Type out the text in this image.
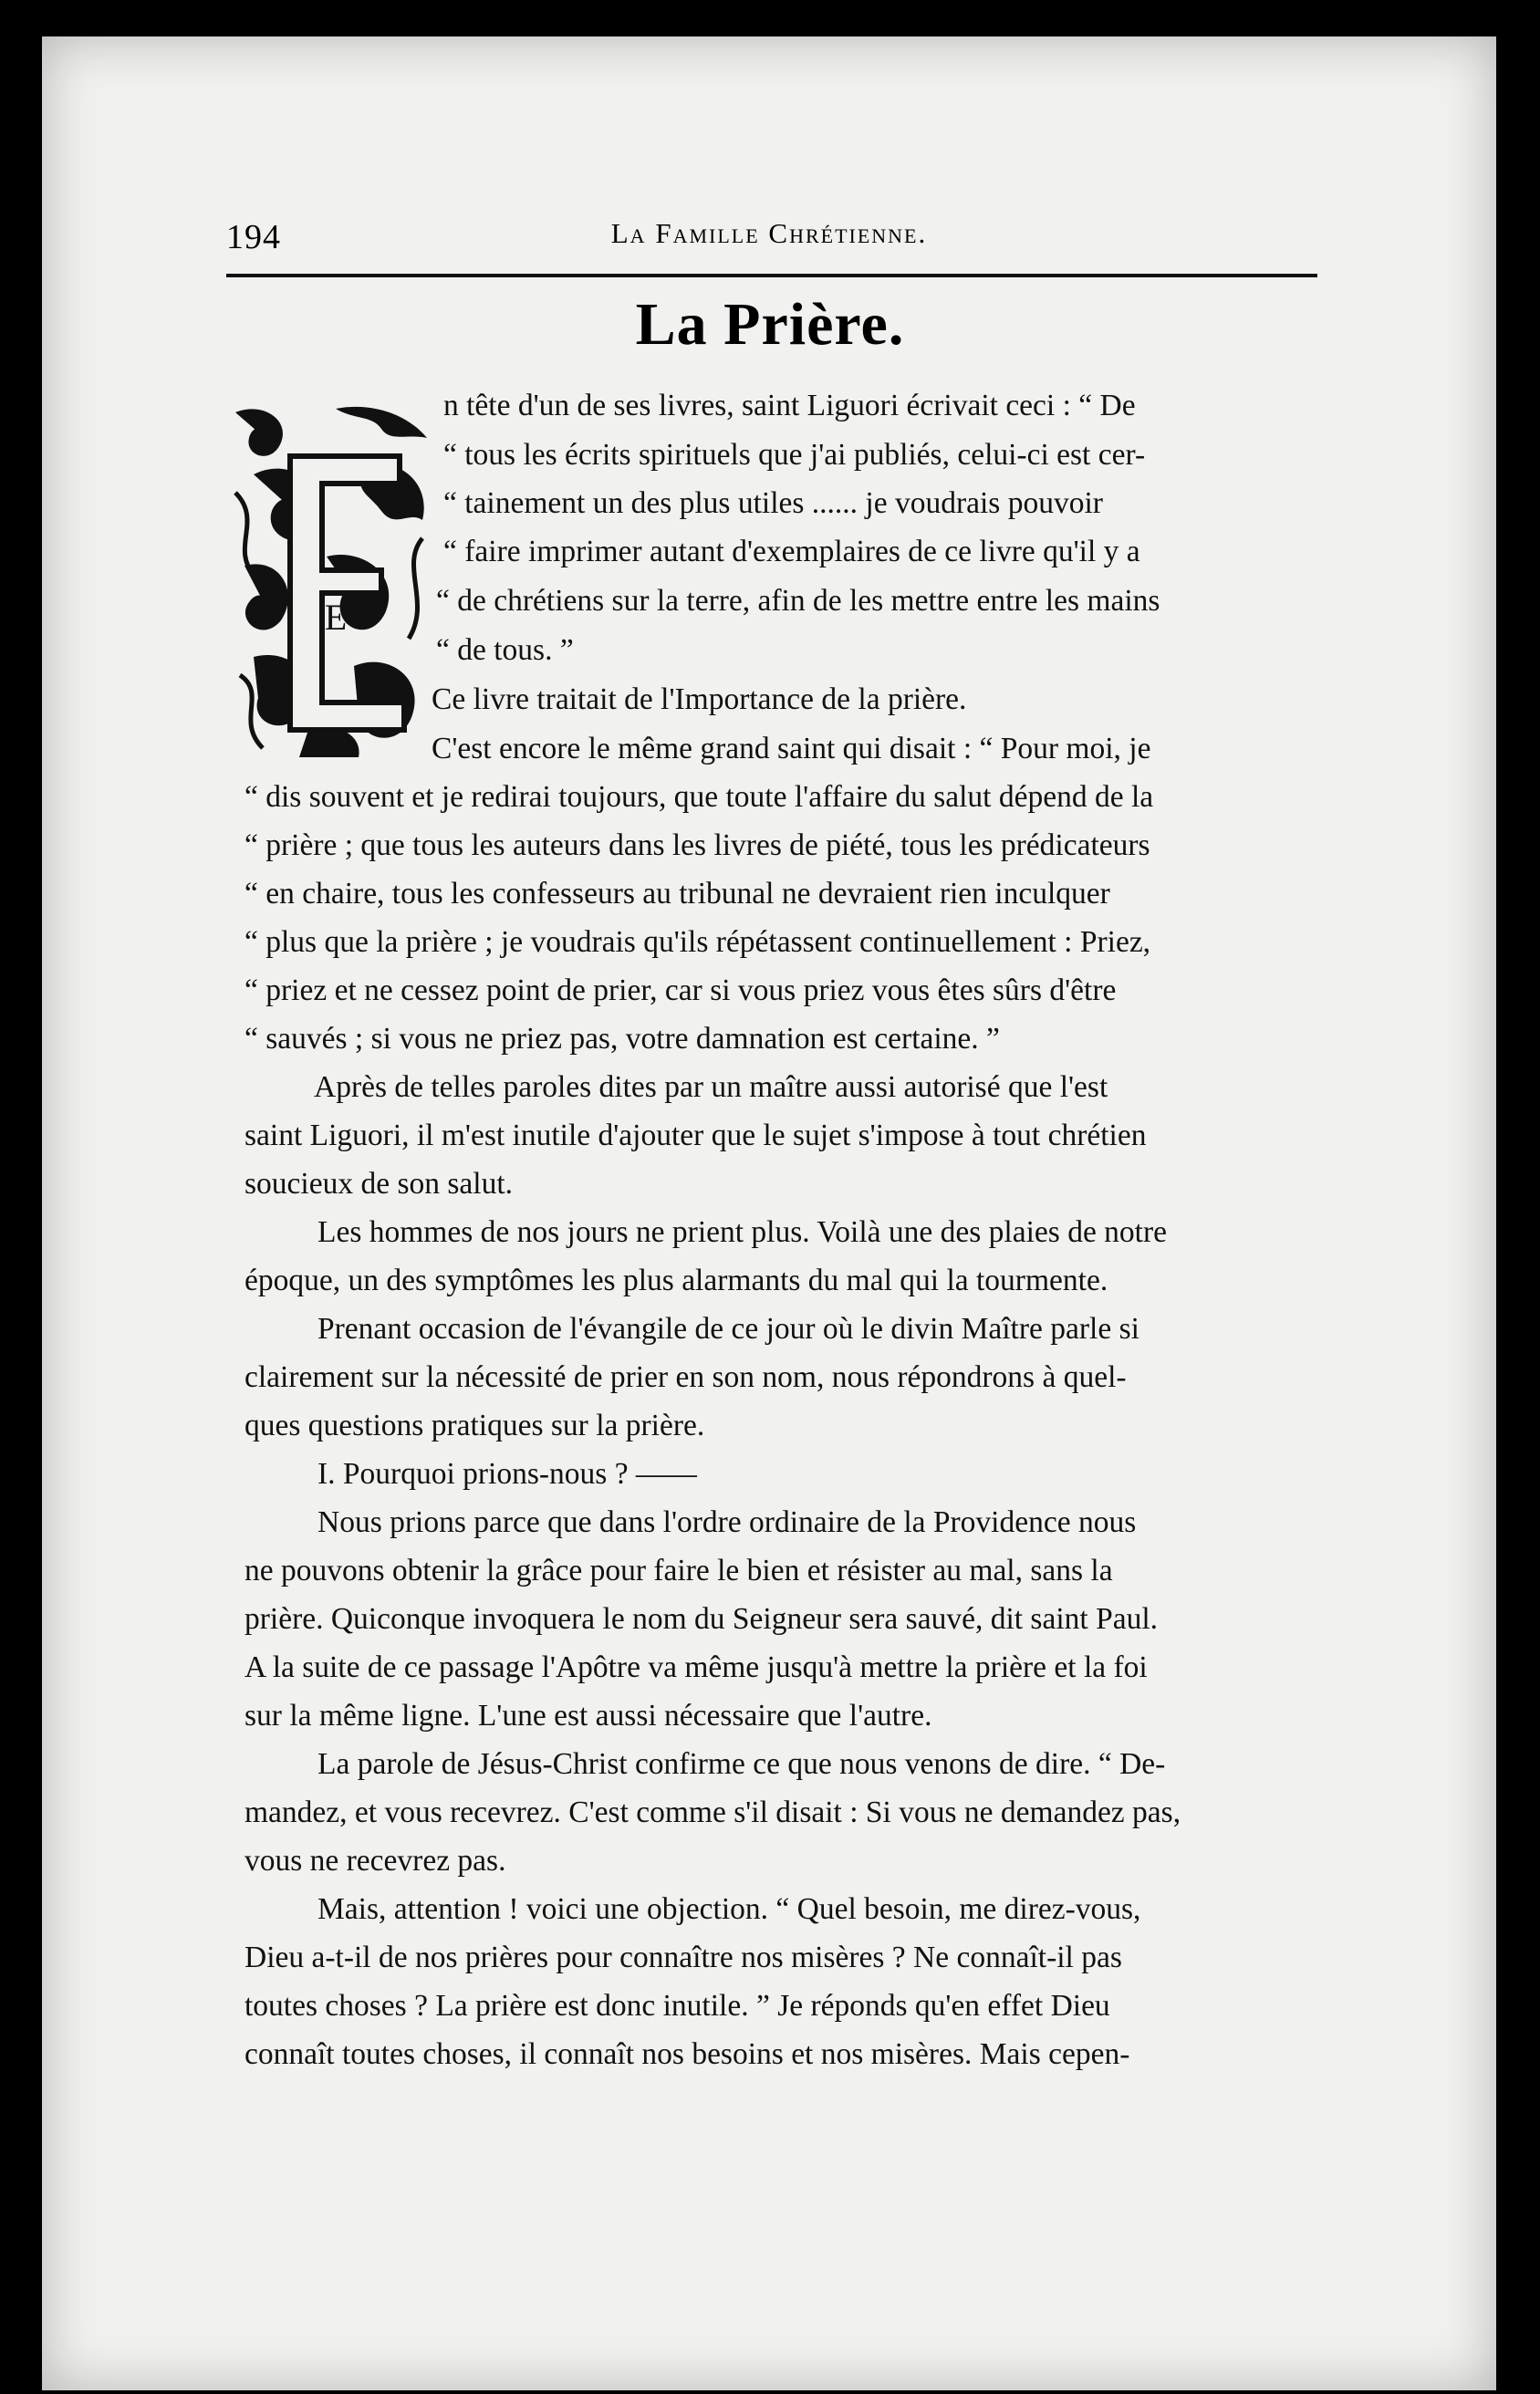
194	La Famille Chrétienne.
La Prière.
E
n tête d'un de ses livres, saint Liguori écrivait ceci : “ De
“ tous les écrits spirituels que j'ai publiés, celui-ci est cer-
“ tainement un des plus utiles ...... je voudrais pouvoir
“ faire imprimer autant d'exemplaires de ce livre qu'il y a
“ de chrétiens sur la terre, afin de les mettre entre les mains
“ de tous. ”
Ce livre traitait de l'Importance de la prière.
C'est encore le même grand saint qui disait : “ Pour moi, je
“ dis souvent et je redirai toujours, que toute l'affaire du salut dépend de la
“ prière ; que tous les auteurs dans les livres de piété, tous les prédicateurs
“ en chaire, tous les confesseurs au tribunal ne devraient rien inculquer
“ plus que la prière ; je voudrais qu'ils répétassent continuellement : Priez,
“ priez et ne cessez point de prier, car si vous priez vous êtes sûrs d'être
“ sauvés ; si vous ne priez pas, votre damnation est certaine. ”
Après de telles paroles dites par un maître aussi autorisé que l'est
saint Liguori, il m'est inutile d'ajouter que le sujet s'impose à tout chrétien
soucieux de son salut.
Les hommes de nos jours ne prient plus. Voilà une des plaies de notre
époque, un des symptômes les plus alarmants du mal qui la tourmente.
Prenant occasion de l'évangile de ce jour où le divin Maître parle si
clairement sur la nécessité de prier en son nom, nous répondrons à quel-
ques questions pratiques sur la prière.
I. Pourquoi prions-nous ? ——
Nous prions parce que dans l'ordre ordinaire de la Providence nous
ne pouvons obtenir la grâce pour faire le bien et résister au mal, sans la
prière. Quiconque invoquera le nom du Seigneur sera sauvé, dit saint Paul.
A la suite de ce passage l'Apôtre va même jusqu'à mettre la prière et la foi
sur la même ligne. L'une est aussi nécessaire que l'autre.
La parole de Jésus-Christ confirme ce que nous venons de dire. “ De-
mandez, et vous recevrez. C'est comme s'il disait : Si vous ne demandez pas,
vous ne recevrez pas.
Mais, attention ! voici une objection. “ Quel besoin, me direz-vous,
Dieu a-t-il de nos prières pour connaître nos misères ? Ne connaît-il pas
toutes choses ? La prière est donc inutile. ” Je réponds qu'en effet Dieu
connaît toutes choses, il connaît nos besoins et nos misères. Mais cepen-
